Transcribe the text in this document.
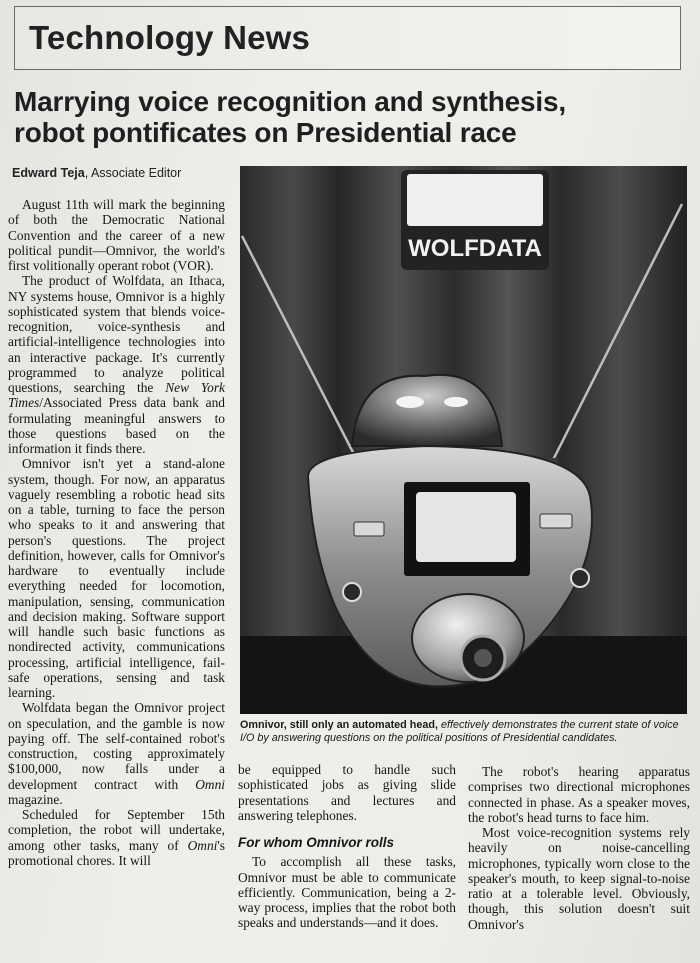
Technology News
Marrying voice recognition and synthesis,
robot pontificates on Presidential race
Edward Teja, Associate Editor

August 11th will mark the beginning of both the Democratic National Convention and the career of a new political pundit—Omnivor, the world's first volitionally operant robot (VOR).

The product of Wolfdata, an Ithaca, NY systems house, Omnivor is a highly sophisticated system that blends voice-recognition, voice-synthesis and artificial-intelligence technologies into an interactive package. It's currently programmed to analyze political questions, searching the New York Times/Associated Press data bank and formulating meaningful answers to those questions based on the information it finds there.

Omnivor isn't yet a stand-alone system, though. For now, an apparatus vaguely resembling a robotic head sits on a table, turning to face the person who speaks to it and answering that person's questions. The project definition, however, calls for Omnivor's hardware to eventually include everything needed for locomotion, manipulation, sensing, communication and decision making. Software support will handle such basic functions as nondirected activity, communications processing, artificial intelligence, fail-safe operations, sensing and task learning.

Wolfdata began the Omnivor project on speculation, and the gamble is now paying off. The self-contained robot's construction, costing approximately $100,000, now falls under a development contract with Omni magazine.

Scheduled for September 15th completion, the robot will undertake, among other tasks, many of Omni's promotional chores. It will

WOLFDATA
Omnivor, still only an automated head, effectively demonstrates the current state of voice I/O by answering questions on the political positions of Presidential candidates.

be equipped to handle such sophisticated jobs as giving slide presentations and lectures and answering telephones.

For whom Omnivor rolls

To accomplish all these tasks, Omnivor must be able to communicate efficiently. Communication, being a 2-way process, implies that the robot both speaks and understands—and it does.

The robot's hearing apparatus comprises two directional microphones connected in phase. As a speaker moves, the robot's head turns to face him.

Most voice-recognition systems rely heavily on noise-cancelling microphones, typically worn close to the speaker's mouth, to keep signal-to-noise ratio at a tolerable level. Obviously, though, this solution doesn't suit Omnivor's
